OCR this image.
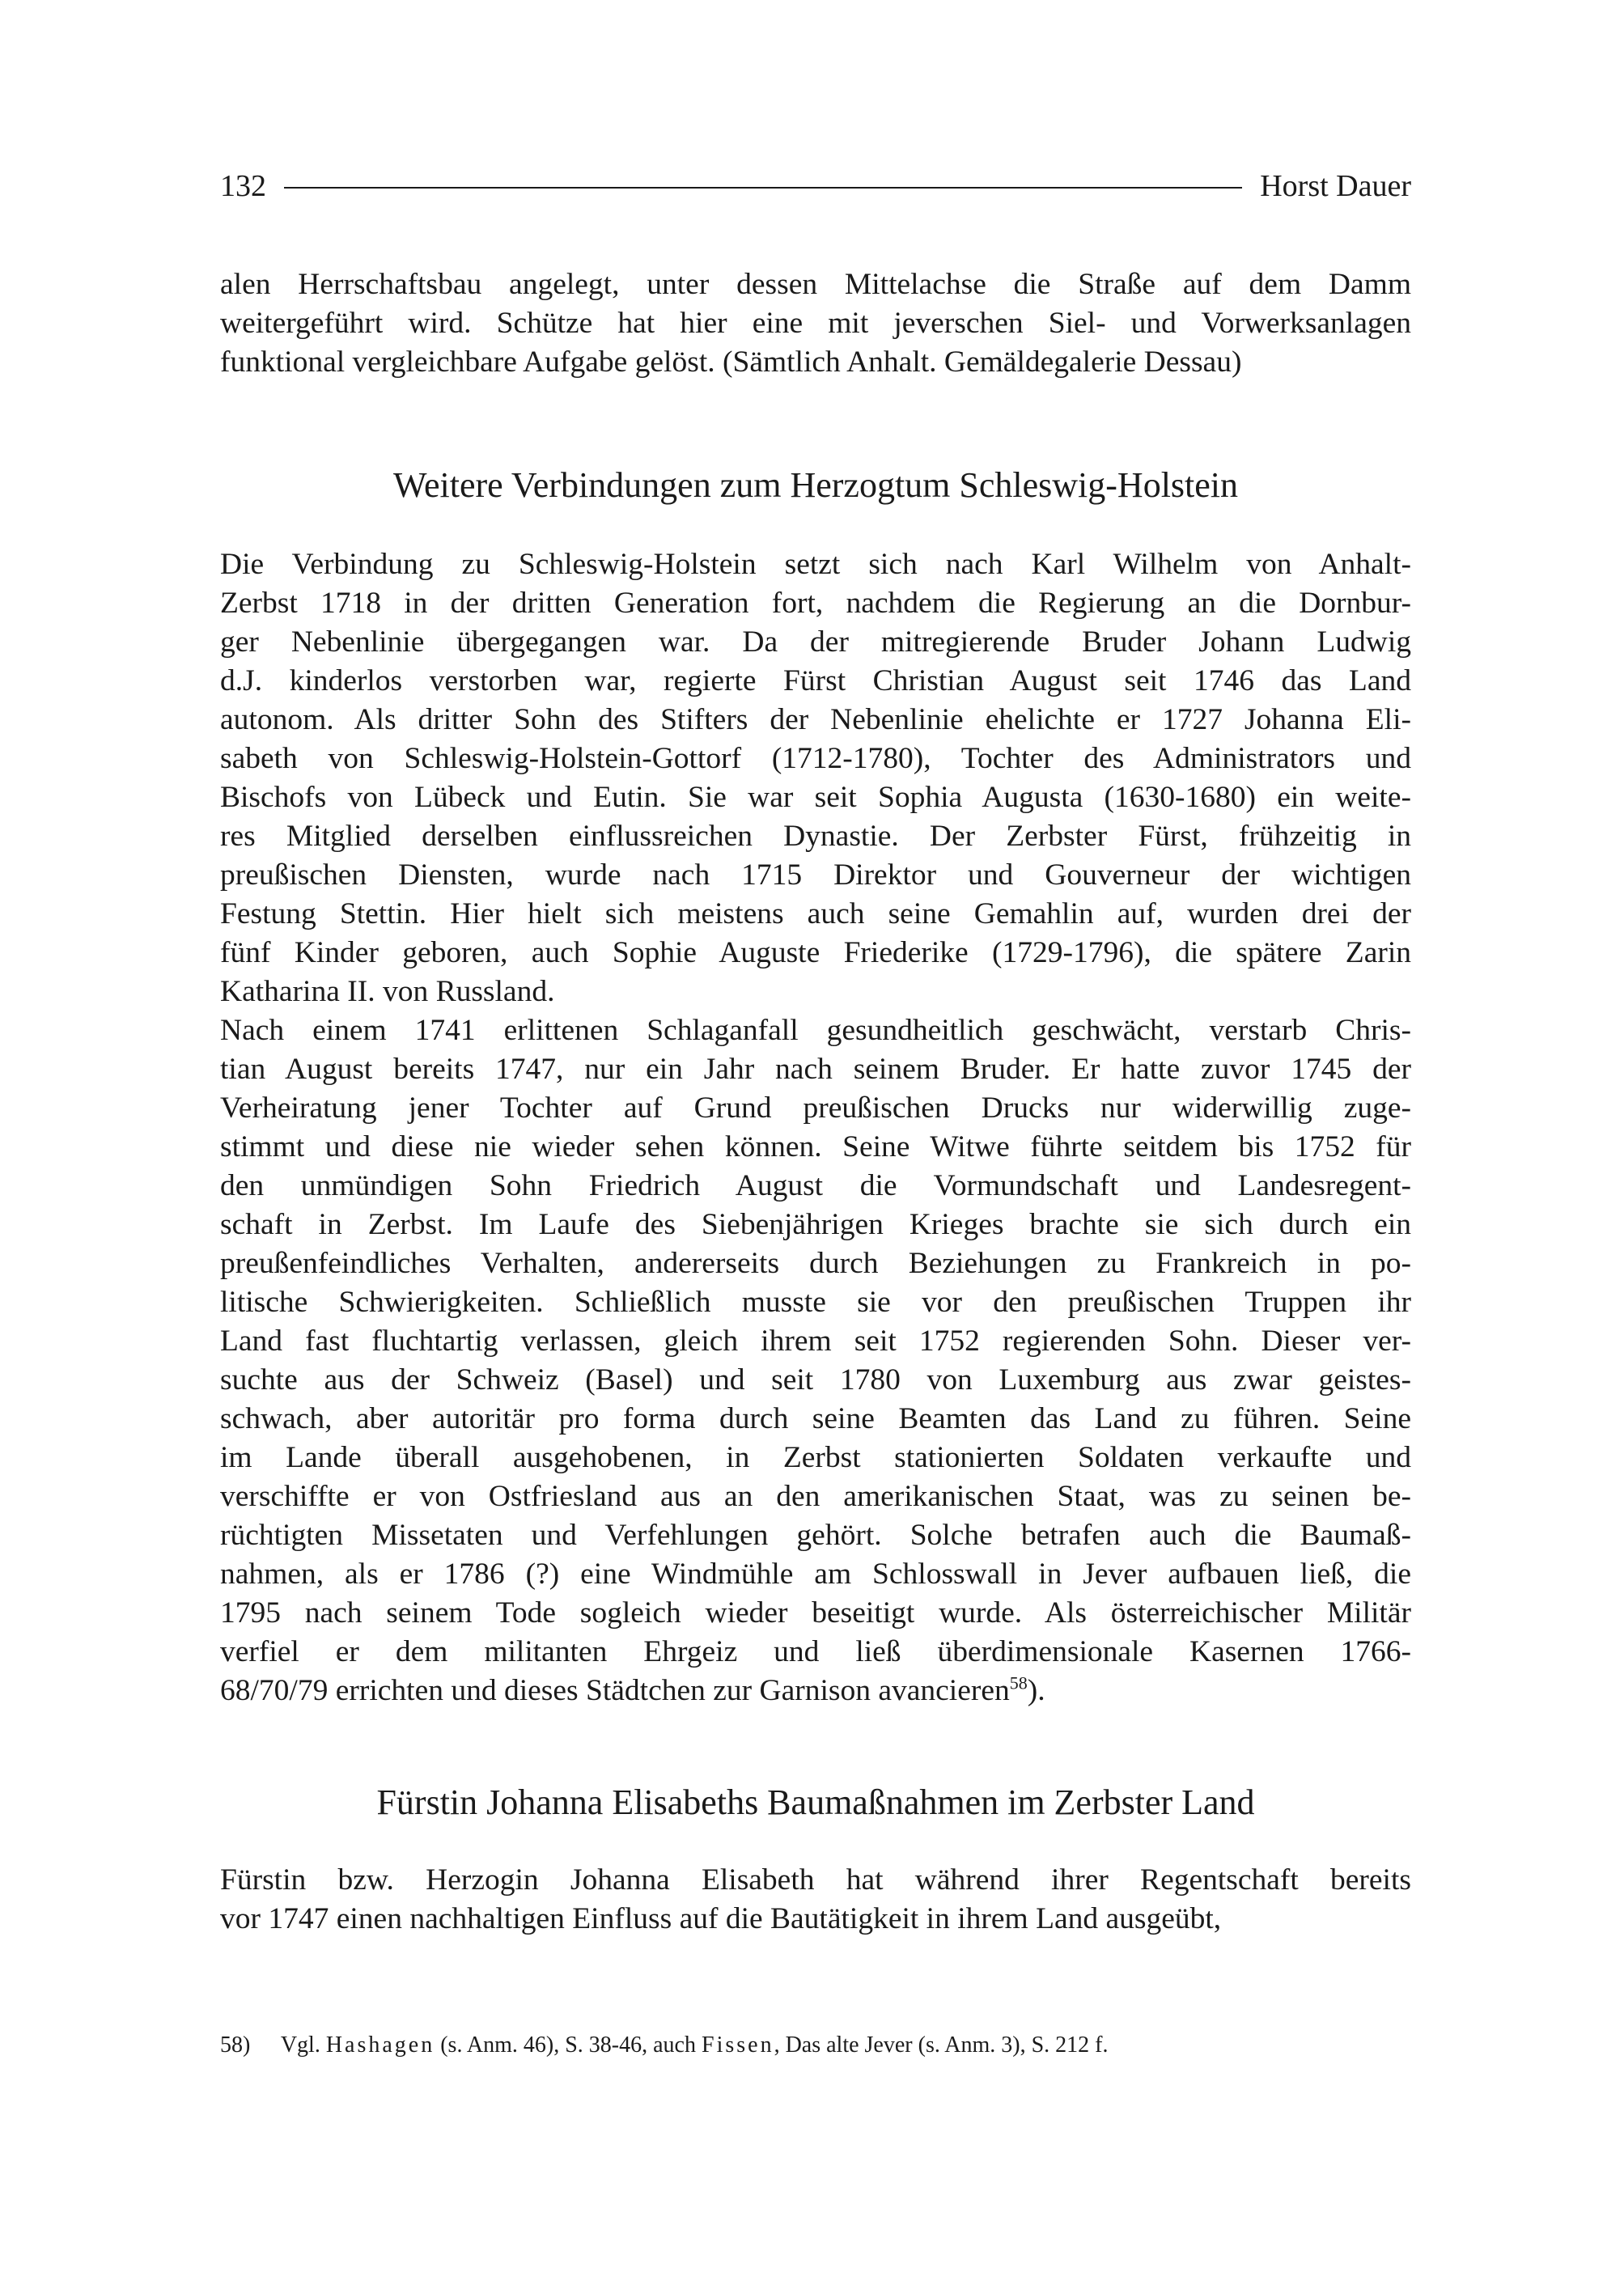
132	Horst Dauer
alen Herrschaftsbau angelegt, unter dessen Mittelachse die Straße auf dem Damm
weitergeführt wird. Schütze hat hier eine mit jeverschen Siel- und Vorwerksanlagen
funktional vergleichbare Aufgabe gelöst. (Sämtlich Anhalt. Gemäldegalerie Dessau)
Weitere Verbindungen zum Herzogtum Schleswig-Holstein
Die Verbindung zu Schleswig-Holstein setzt sich nach Karl Wilhelm von Anhalt-
Zerbst 1718 in der dritten Generation fort, nachdem die Regierung an die Dornbur-
ger Nebenlinie übergegangen war. Da der mitregierende Bruder Johann Ludwig
d.J. kinderlos verstorben war, regierte Fürst Christian August seit 1746 das Land
autonom. Als dritter Sohn des Stifters der Nebenlinie ehelichte er 1727 Johanna Eli-
sabeth von Schleswig-Holstein-Gottorf (1712-1780), Tochter des Administrators und
Bischofs von Lübeck und Eutin. Sie war seit Sophia Augusta (1630-1680) ein weite-
res Mitglied derselben einflussreichen Dynastie. Der Zerbster Fürst, frühzeitig in
preußischen Diensten, wurde nach 1715 Direktor und Gouverneur der wichtigen
Festung Stettin. Hier hielt sich meistens auch seine Gemahlin auf, wurden drei der
fünf Kinder geboren, auch Sophie Auguste Friederike (1729-1796), die spätere Zarin
Katharina II. von Russland.
Nach einem 1741 erlittenen Schlaganfall gesundheitlich geschwächt, verstarb Chris-
tian August bereits 1747, nur ein Jahr nach seinem Bruder. Er hatte zuvor 1745 der
Verheiratung jener Tochter auf Grund preußischen Drucks nur widerwillig zuge-
stimmt und diese nie wieder sehen können. Seine Witwe führte seitdem bis 1752 für
den unmündigen Sohn Friedrich August die Vormundschaft und Landesregent-
schaft in Zerbst. Im Laufe des Siebenjährigen Krieges brachte sie sich durch ein
preußenfeindliches Verhalten, andererseits durch Beziehungen zu Frankreich in po-
litische Schwierigkeiten. Schließlich musste sie vor den preußischen Truppen ihr
Land fast fluchtartig verlassen, gleich ihrem seit 1752 regierenden Sohn. Dieser ver-
suchte aus der Schweiz (Basel) und seit 1780 von Luxemburg aus zwar geistes-
schwach, aber autoritär pro forma durch seine Beamten das Land zu führen. Seine
im Lande überall ausgehobenen, in Zerbst stationierten Soldaten verkaufte und
verschiffte er von Ostfriesland aus an den amerikanischen Staat, was zu seinen be-
rüchtigten Missetaten und Verfehlungen gehört. Solche betrafen auch die Baumaß-
nahmen, als er 1786 (?) eine Windmühle am Schlosswall in Jever aufbauen ließ, die
1795 nach seinem Tode sogleich wieder beseitigt wurde. Als österreichischer Militär
verfiel er dem militanten Ehrgeiz und ließ überdimensionale Kasernen 1766-
68/70/79 errichten und dieses Städtchen zur Garnison avancieren$^{58}$).
Fürstin Johanna Elisabeths Baumaßnahmen im Zerbster Land
Fürstin bzw. Herzogin Johanna Elisabeth hat während ihrer Regentschaft bereits
vor 1747 einen nachhaltigen Einfluss auf die Bautätigkeit in ihrem Land ausgeübt,
58) Vgl. Hashagen (s. Anm. 46), S. 38-46, auch Fissen, Das alte Jever (s. Anm. 3), S. 212 f.
